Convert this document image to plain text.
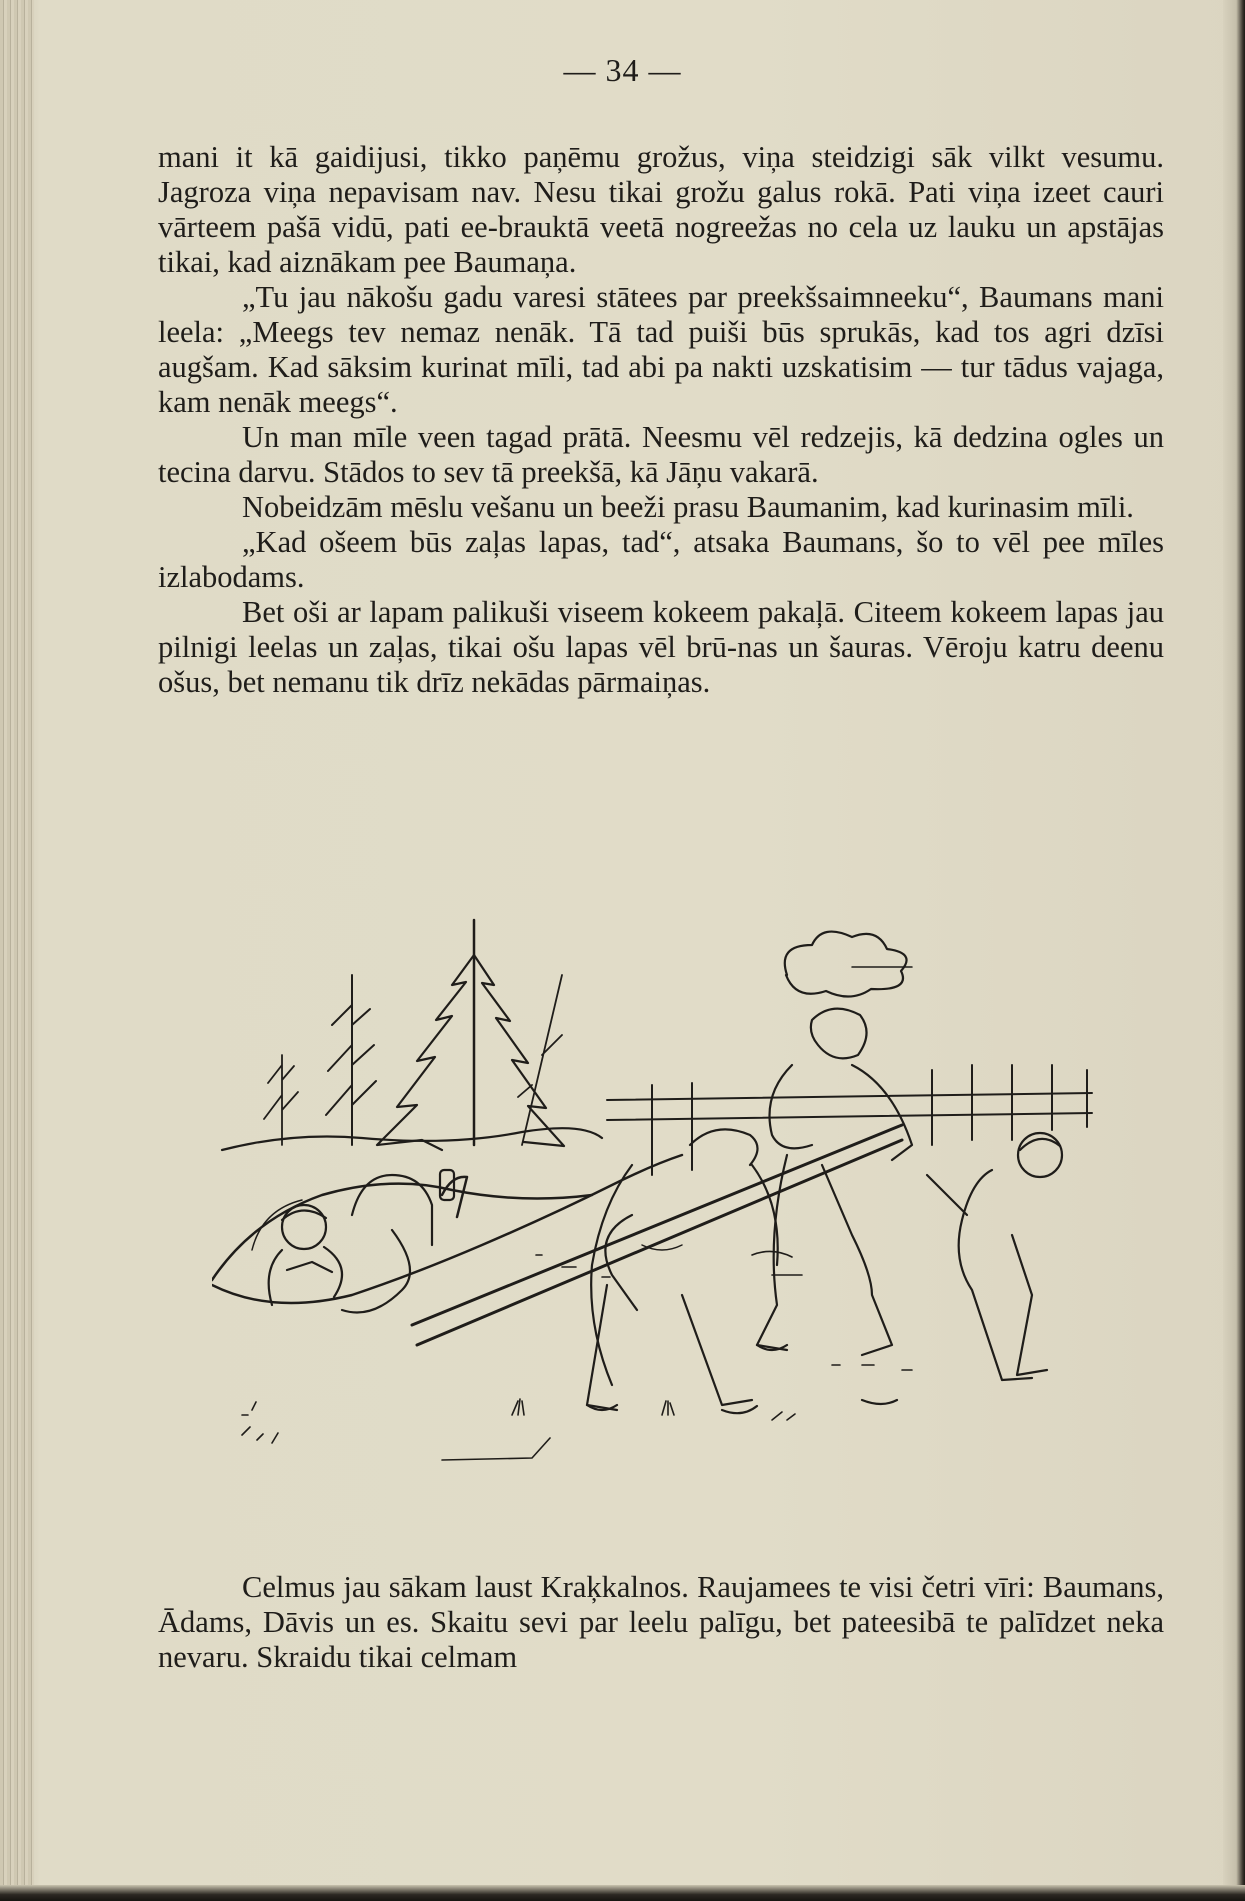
— 34 —

mani it kā gaidijusi, tikko paņēmu grožus, viņa steidzigi sāk vilkt vesumu. Jagroza viņa nepavisam nav. Nesu tikai grožu galus rokā. Pati viņa izeet cauri vārteem pašā vidū, pati ee-brauktā veetā nogreežas no cela uz lauku un apstājas tikai, kad aiznākam pee Baumaņa.

„Tu jau nākošu gadu varesi stātees par preekšsaimneeku“, Baumans mani leela: „Meegs tev nemaz nenāk. Tā tad puiši būs sprukās, kad tos agri dzīsi augšam. Kad sāksim kurinat mīli, tad abi pa nakti uzskatisim — tur tādus vajaga, kam nenāk meegs“.

Un man mīle veen tagad prātā. Neesmu vēl redzejis, kā dedzina ogles un tecina darvu. Stādos to sev tā preekšā, kā Jāņu vakarā.

Nobeidzām mēslu vešanu un beeži prasu Baumanim, kad kurinasim mīli.

„Kad ošeem būs zaļas lapas, tad“, atsaka Baumans, šo to vēl pee mīles izlabodams.

Bet oši ar lapam palikuši viseem kokeem pakaļā. Citeem kokeem lapas jau pilnigi leelas un zaļas, tikai ošu lapas vēl brū-nas un šauras. Vēroju katru deenu ošus, bet nemanu tik drīz nekādas pārmaiņas.

Celmus jau sākam laust Kraķkalnos. Raujamees te visi četri vīri: Baumans, Ādams, Dāvis un es. Skaitu sevi par leelu palīgu, bet pateesibā te palīdzet neka nevaru. Skraidu tikai celmam
